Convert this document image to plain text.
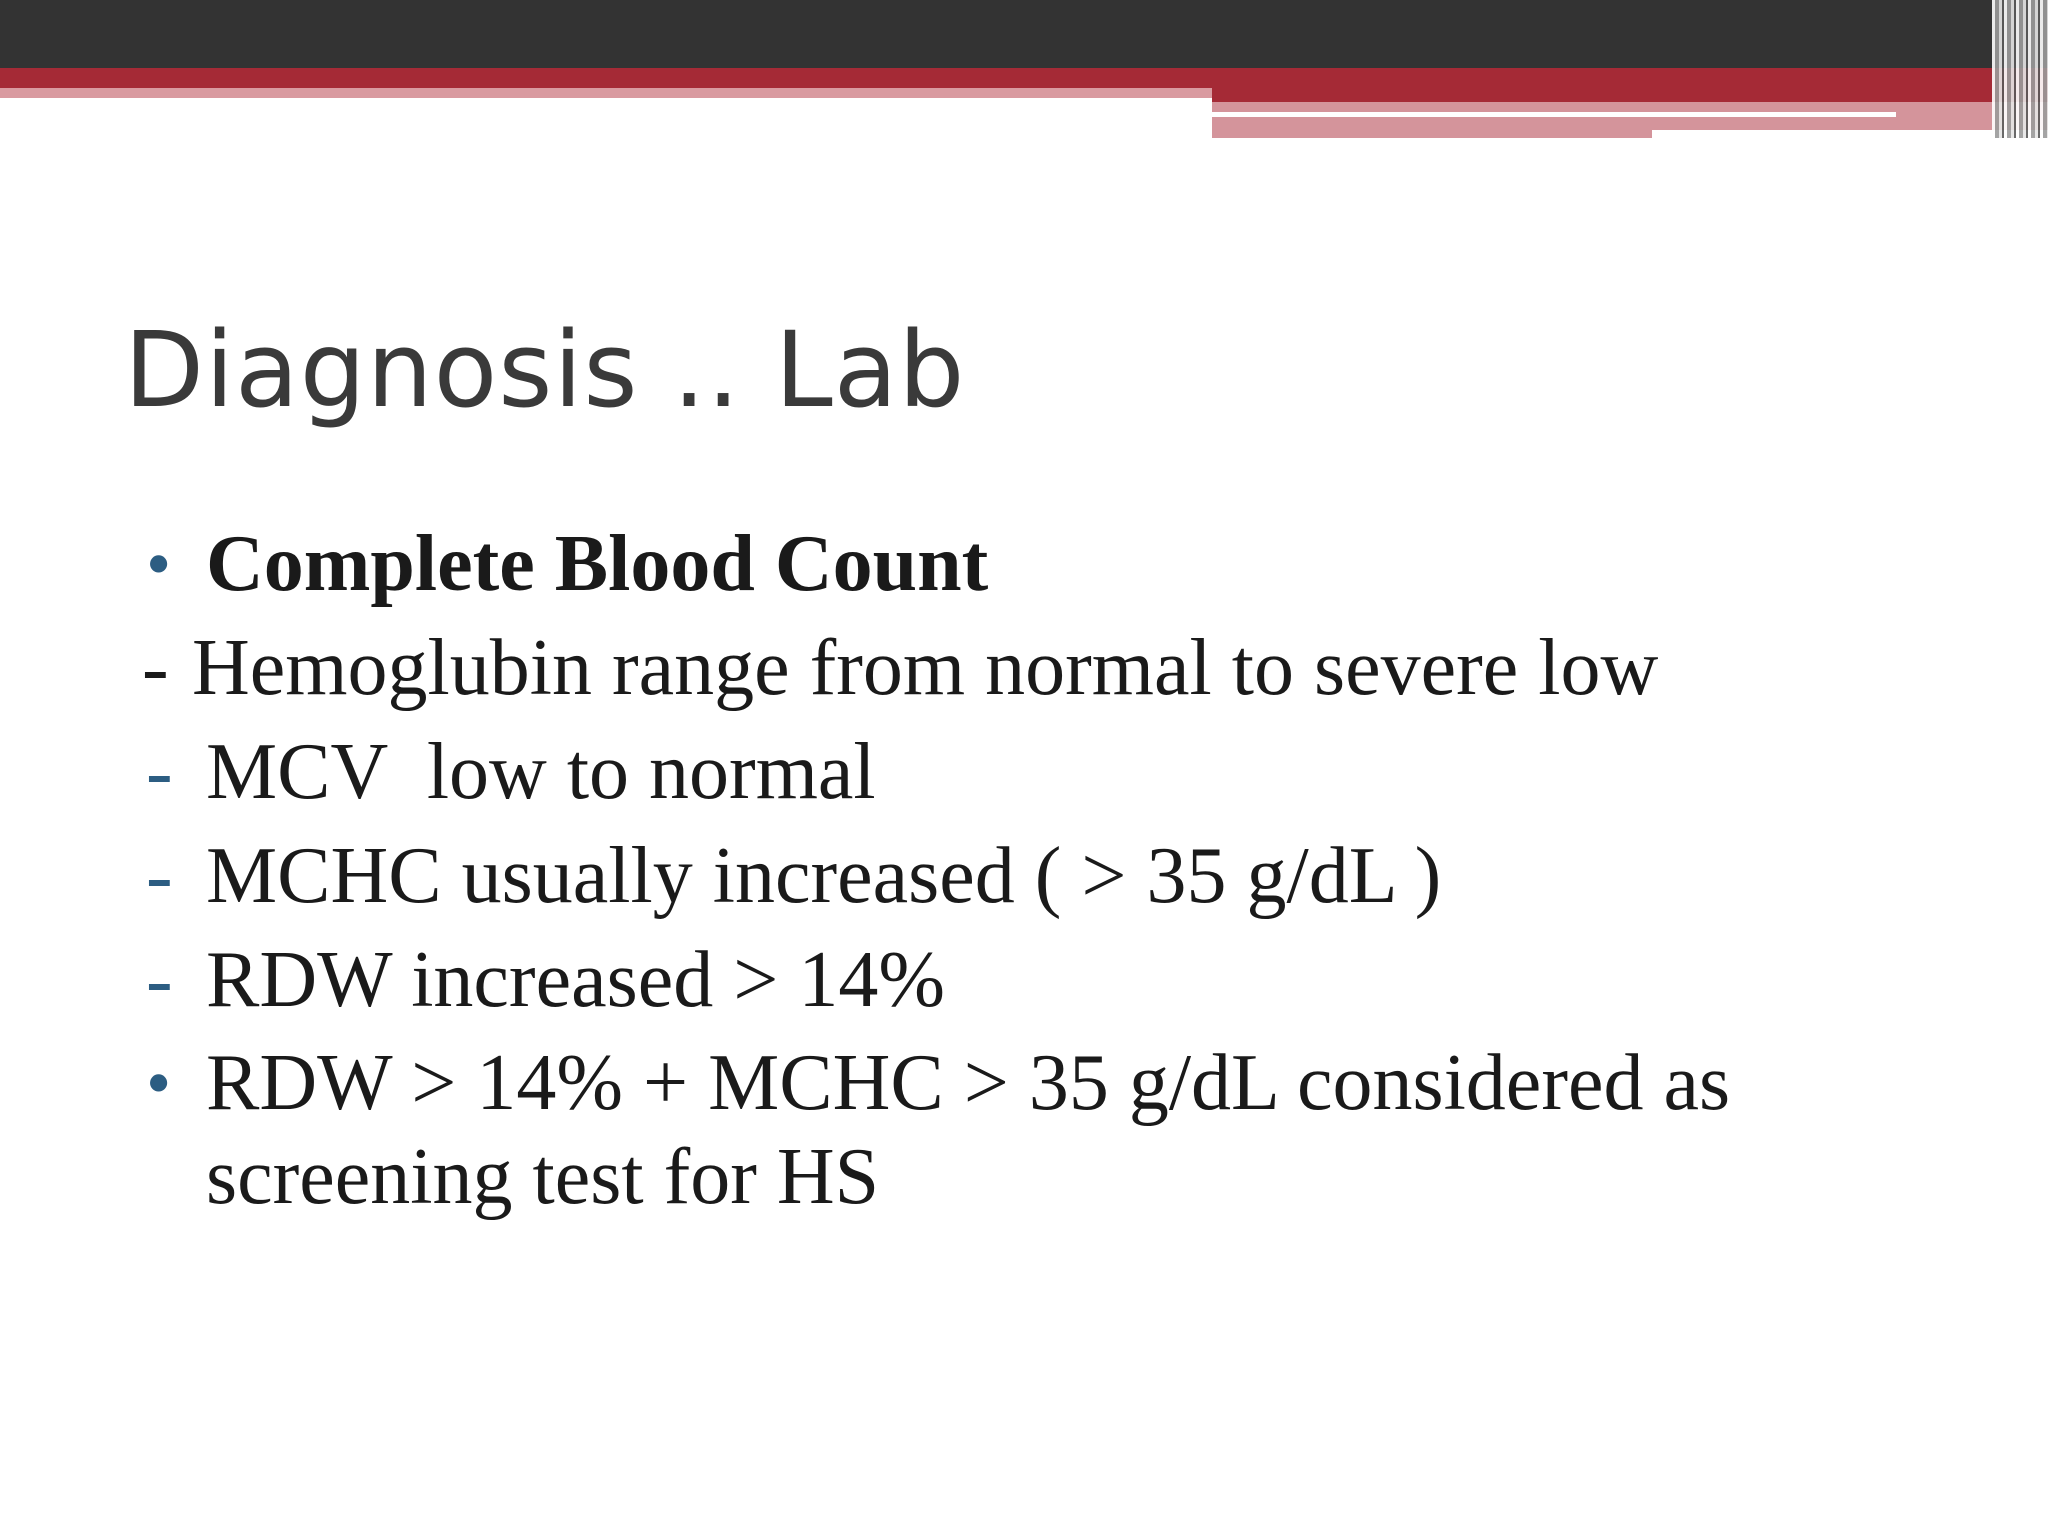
Diagnosis .. Lab
• Complete Blood Count
- Hemoglubin range from normal to severe low
- MCV  low to normal
- MCHC usually increased ( > 35 g/dL )
- RDW increased > 14%
• RDW > 14% + MCHC > 35 g/dL considered as screening test for HS
